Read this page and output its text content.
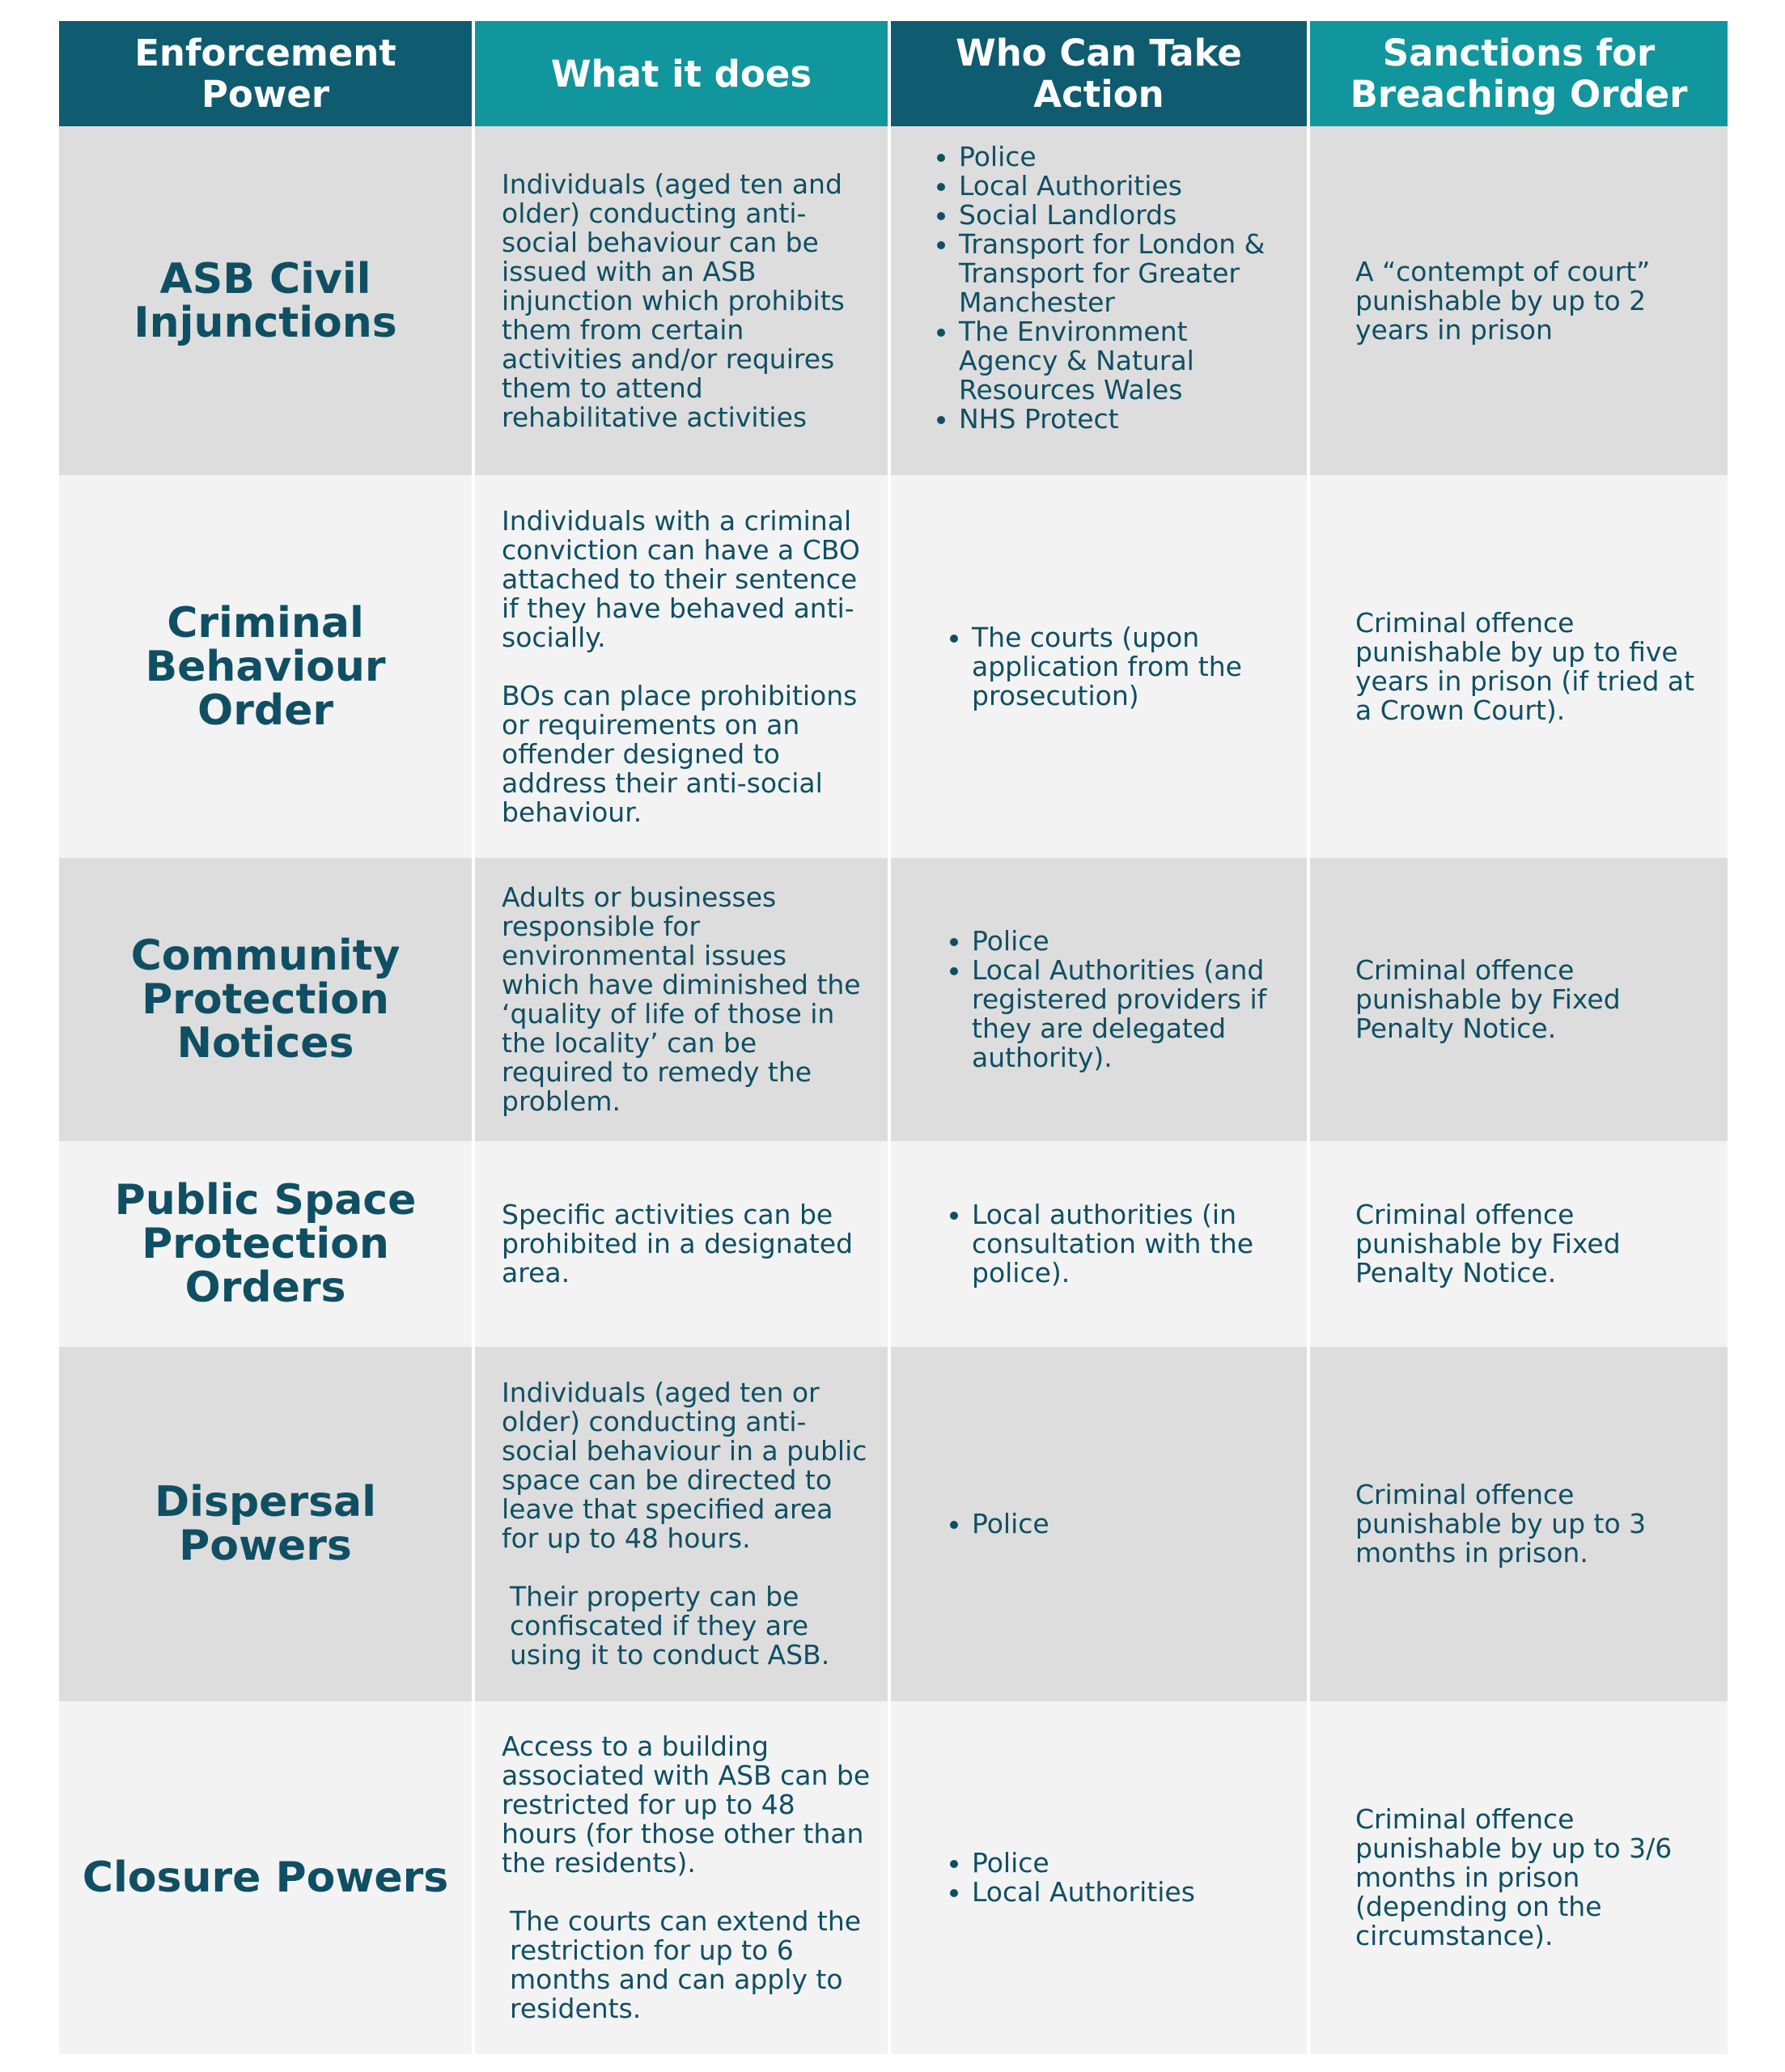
Enforcement Power	What it does	Who Can Take Action
Sanctions for Breaching Order
ASB Civil Injunctions

Individuals (aged ten and older) conducting anti-social behaviour can be issued with an ASB injunction which prohibits them from certain activities and/or requires them to attend rehabilitative activities

• Police
• Local Authorities
• Social Landlords
• Transport for London & Transport for Greater Manchester
• The Environment Agency & Natural Resources Wales
• NHS Protect
A “contempt of court” punishable by up to 2 years in prison
Criminal Behaviour Order

Individuals with a criminal conviction can have a CBO attached to their sentence if they have behaved anti-socially.

BOs can place prohibitions or requirements on an offender designed to address their anti-social behaviour.

• The courts (upon application from the prosecution)
Criminal offence punishable by up to five years in prison (if tried at a Crown Court).
Community Protection Notices

Adults or businesses responsible for environmental issues which have diminished the ‘quality of life of those in the locality’ can be required to remedy the problem.

• Police
• Local Authorities (and registered providers if they are delegated authority).
Criminal offence punishable by Fixed Penalty Notice.
Public Space Protection Orders

Specific activities can be prohibited in a designated area.

• Local authorities (in consultation with the police).
Criminal offence punishable by Fixed Penalty Notice.
Dispersal Powers

Individuals (aged ten or older) conducting anti-social behaviour in a public space can be directed to leave that specified area for up to 48 hours.

Their property can be confiscated if they are using it to conduct ASB.

• Police
Criminal offence punishable by up to 3 months in prison.
Closure Powers

Access to a building associated with ASB can be restricted for up to 48 hours (for those other than the residents).

The courts can extend the restriction for up to 6 months and can apply to residents.

• Police
• Local Authorities
Criminal offence punishable by up to 3/6 months in prison (depending on the circumstance).
